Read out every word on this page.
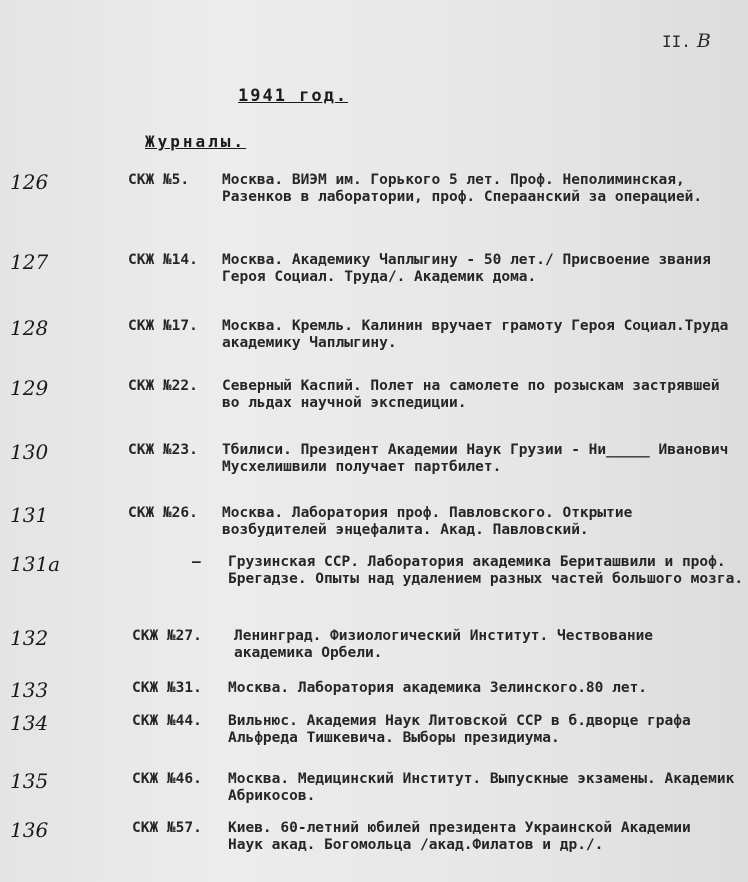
II. В
1941 год.
Журналы.
126	СКЖ №5. Москва. ВИЭМ им. Горького 5 лет. Проф. Неполиминская, Разенков в лаборатории, проф. Спераанский за операцией.
127	СКЖ №14. Москва. Академику Чаплыгину - 50 лет./ Присвоение звания Героя Социал. Труда/. Академик дома.
128	СКЖ №17. Москва. Кремль. Калинин вручает грамоту Героя Социал.Труда академику Чаплыгину.
129	СКЖ №22. Северный Каспий. Полет на самолете по розыскам застрявшей во льдах научной экспедиции.
130	СКЖ №23. Тбилиси. Президент Академии Наук Грузии - Ни_____ Иванович Мусхелишвили получает партбилет.
131	СКЖ №26. Москва. Лаборатория проф. Павловского. Открытие возбудителей энцефалита. Акад. Павловский.
131а	— Грузинская ССР. Лаборатория академика Бериташвили и проф. Брегадзе. Опыты над удалением разных частей большого мозга.
132	СКЖ №27. Ленинград. Физиологический Институт. Чествование академика Орбели.
133	СКЖ №31. Москва. Лаборатория академика Зелинского.80 лет.
134	СКЖ №44. Вильнюс. Академия Наук Литовской ССР в б.дворце графа Альфреда Тишкевича. Выборы президиума.
135	СКЖ №46. Москва. Медицинский Институт. Выпускные экзамены. Академик Абрикосов.
136	СКЖ №57. Киев. 60-летний юбилей президента Украинской Академии Наук акад. Богомольца /акад.Филатов и др./.
